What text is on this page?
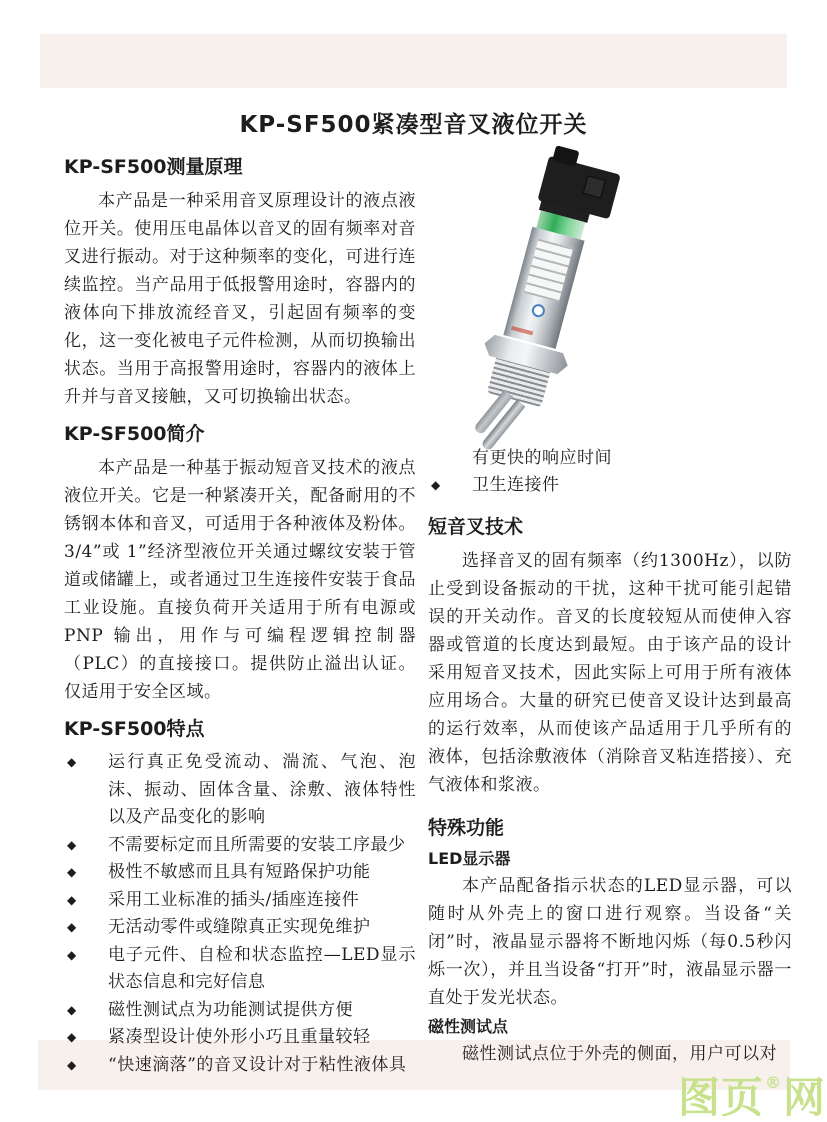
KP-SF500紧凑型音叉液位开关
KP-SF500测量原理

本产品是一种采用音叉原理设计的液点液位开关。使用压电晶体以音叉的固有频率对音叉进行振动。对于这种频率的变化，可进行连续监控。当产品用于低报警用途时，容器内的液体向下排放流经音叉，引起固有频率的变化，这一变化被电子元件检测，从而切换输出状态。当用于高报警用途时，容器内的液体上升并与音叉接触，又可切换输出状态。

KP-SF500简介

本产品是一种基于振动短音叉技术的液点液位开关。它是一种紧凑开关，配备耐用的不锈钢本体和音叉，可适用于各种液体及粉体。3/4”或 1”经济型液位开关通过螺纹安装于管道或储罐上，或者通过卫生连接件安装于食品工业设施。直接负荷开关适用于所有电源或PNP 输出，用作与可编程逻辑控制器（PLC）的直接接口。提供防止溢出认证。仅适用于安全区域。

KP-SF500特点
◆ 运行真正免受流动、湍流、气泡、泡沫、振动、固体含量、涂敷、液体特性以及产品变化的影响
◆ 不需要标定而且所需要的安装工序最少
◆ 极性不敏感而且具有短路保护功能
◆ 采用工业标准的插头/插座连接件
◆ 无活动零件或缝隙真正实现免维护
◆ 电子元件、自检和状态监控—LED显示状态信息和完好信息
◆ 磁性测试点为功能测试提供方便
◆ 紧凑型设计使外形小巧且重量较轻
◆ “快速滴落”的音叉设计对于粘性液体具
有更快的响应时间
◆ 卫生连接件
短音叉技术

选择音叉的固有频率（约1300Hz），以防止受到设备振动的干扰，这种干扰可能引起错误的开关动作。音叉的长度较短从而使伸入容器或管道的长度达到最短。由于该产品的设计采用短音叉技术，因此实际上可用于所有液体应用场合。大量的研究已使音叉设计达到最高的运行效率，从而使该产品适用于几乎所有的液体，包括涂敷液体（消除音叉粘连搭接）、充气液体和浆液。

特殊功能
LED显示器

本产品配备指示状态的LED显示器，可以随时从外壳上的窗口进行观察。当设备“关闭”时，液晶显示器将不断地闪烁（每0.5秒闪烁一次），并且当设备“打开”时，液晶显示器一直处于发光状态。

磁性测试点

磁性测试点位于外壳的侧面，用户可以对

图页®网
